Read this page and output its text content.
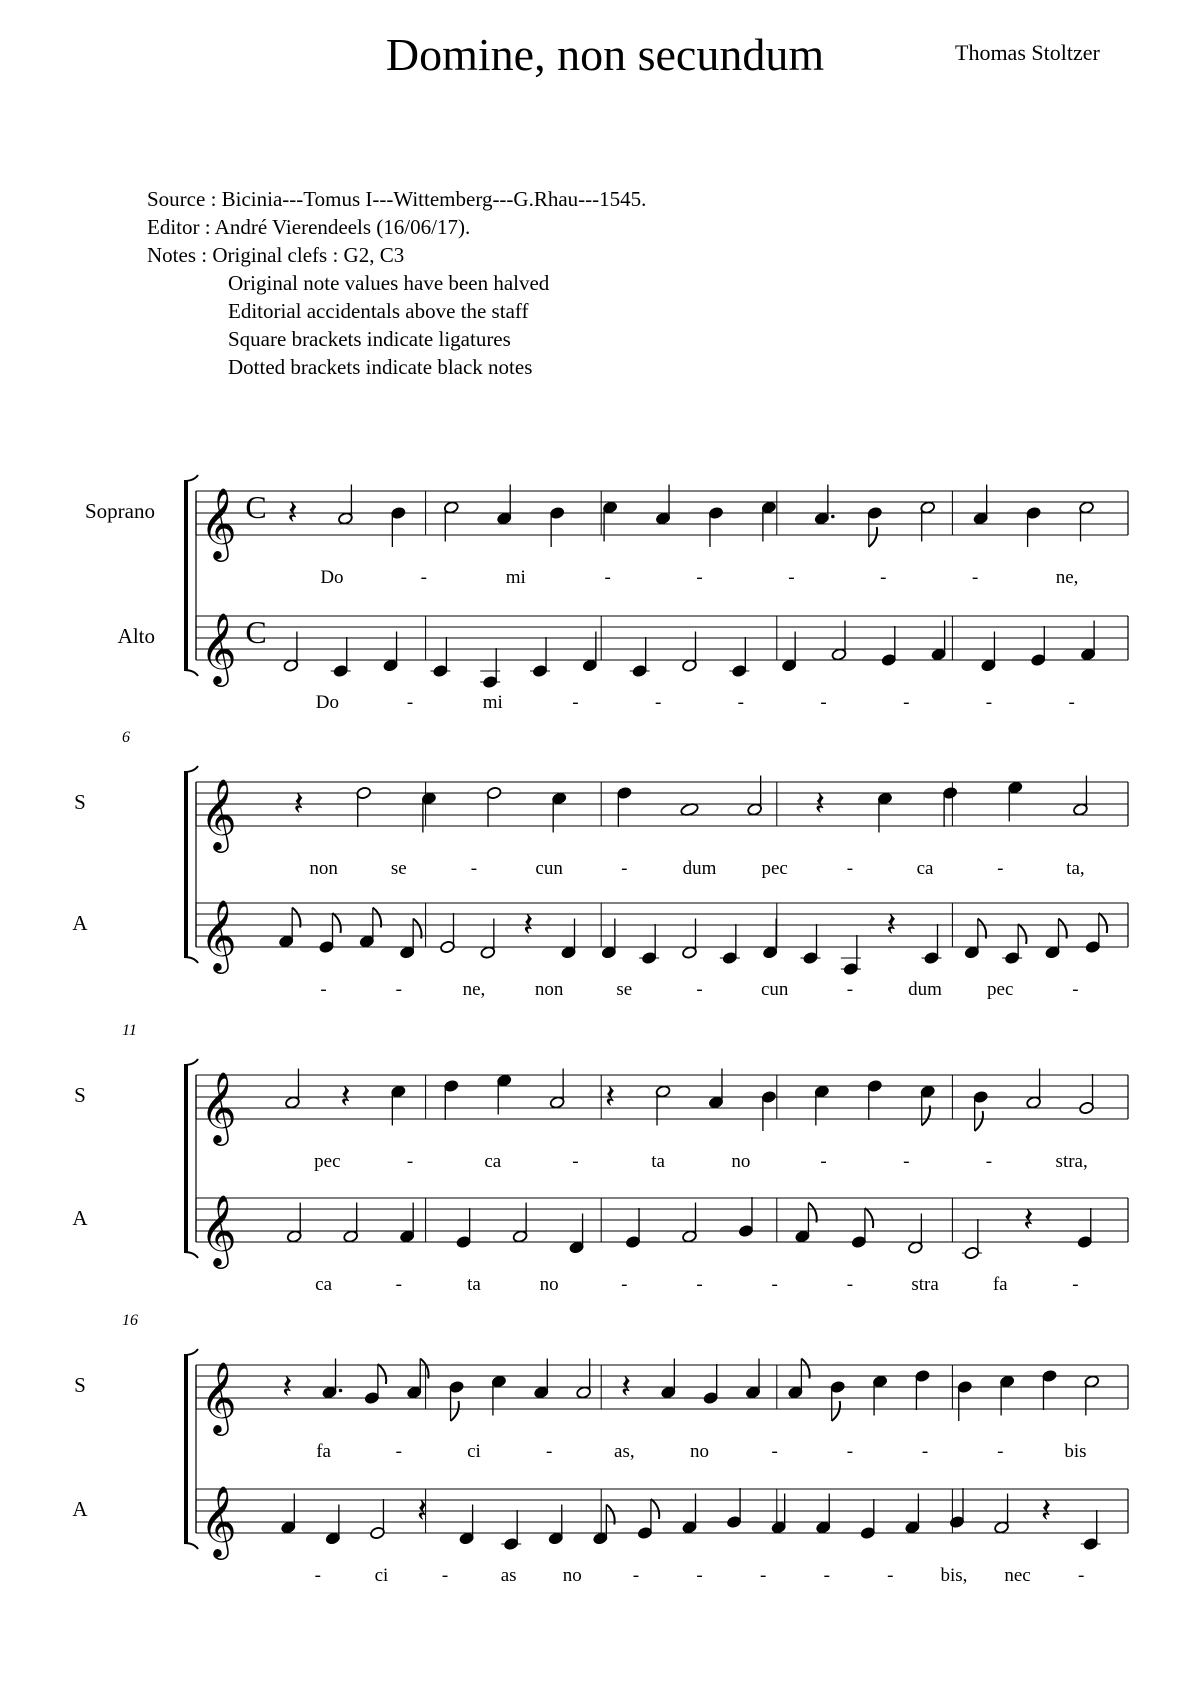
Domine, non secundum	Thomas Stoltzer
Source : Bicinia---Tomus I---Wittemberg---G.Rhau---1545.
Editor : André Vierendeels (16/06/17).
Notes : Original clefs : G2, C3
Original note values have been halved
Editorial accidentals above the staff
Square brackets indicate ligatures
Dotted brackets indicate black notes
𝄞
𝄞
C
C
Soprano
Alto
𝄽
Do	-	mi	-	-	-	-	-	ne,
Do	-	mi	-	-	-	-	-	-	-
𝄞
𝄞
S
A
6
𝄽	𝄽
non	se	-	cun	-	dum pec	-	ca	-	ta,
𝄽	𝄽
-	-	ne,	non	se	-	cun	-	dum pec	-
𝄞
𝄞
S
A
11
𝄽	𝄽
pec	-	ca	-	ta	no	-	-	-	stra,
𝄽
ca	-	ta	no	-	-	-	-	stra	fa	-
𝄞
𝄞
S
A
16
𝄽	𝄽
fa	-	ci	-	as,	no	-	-	-	-	bis
𝄽	𝄽
-	ci	-	as no	-	-	-	-	- bis, nec -
